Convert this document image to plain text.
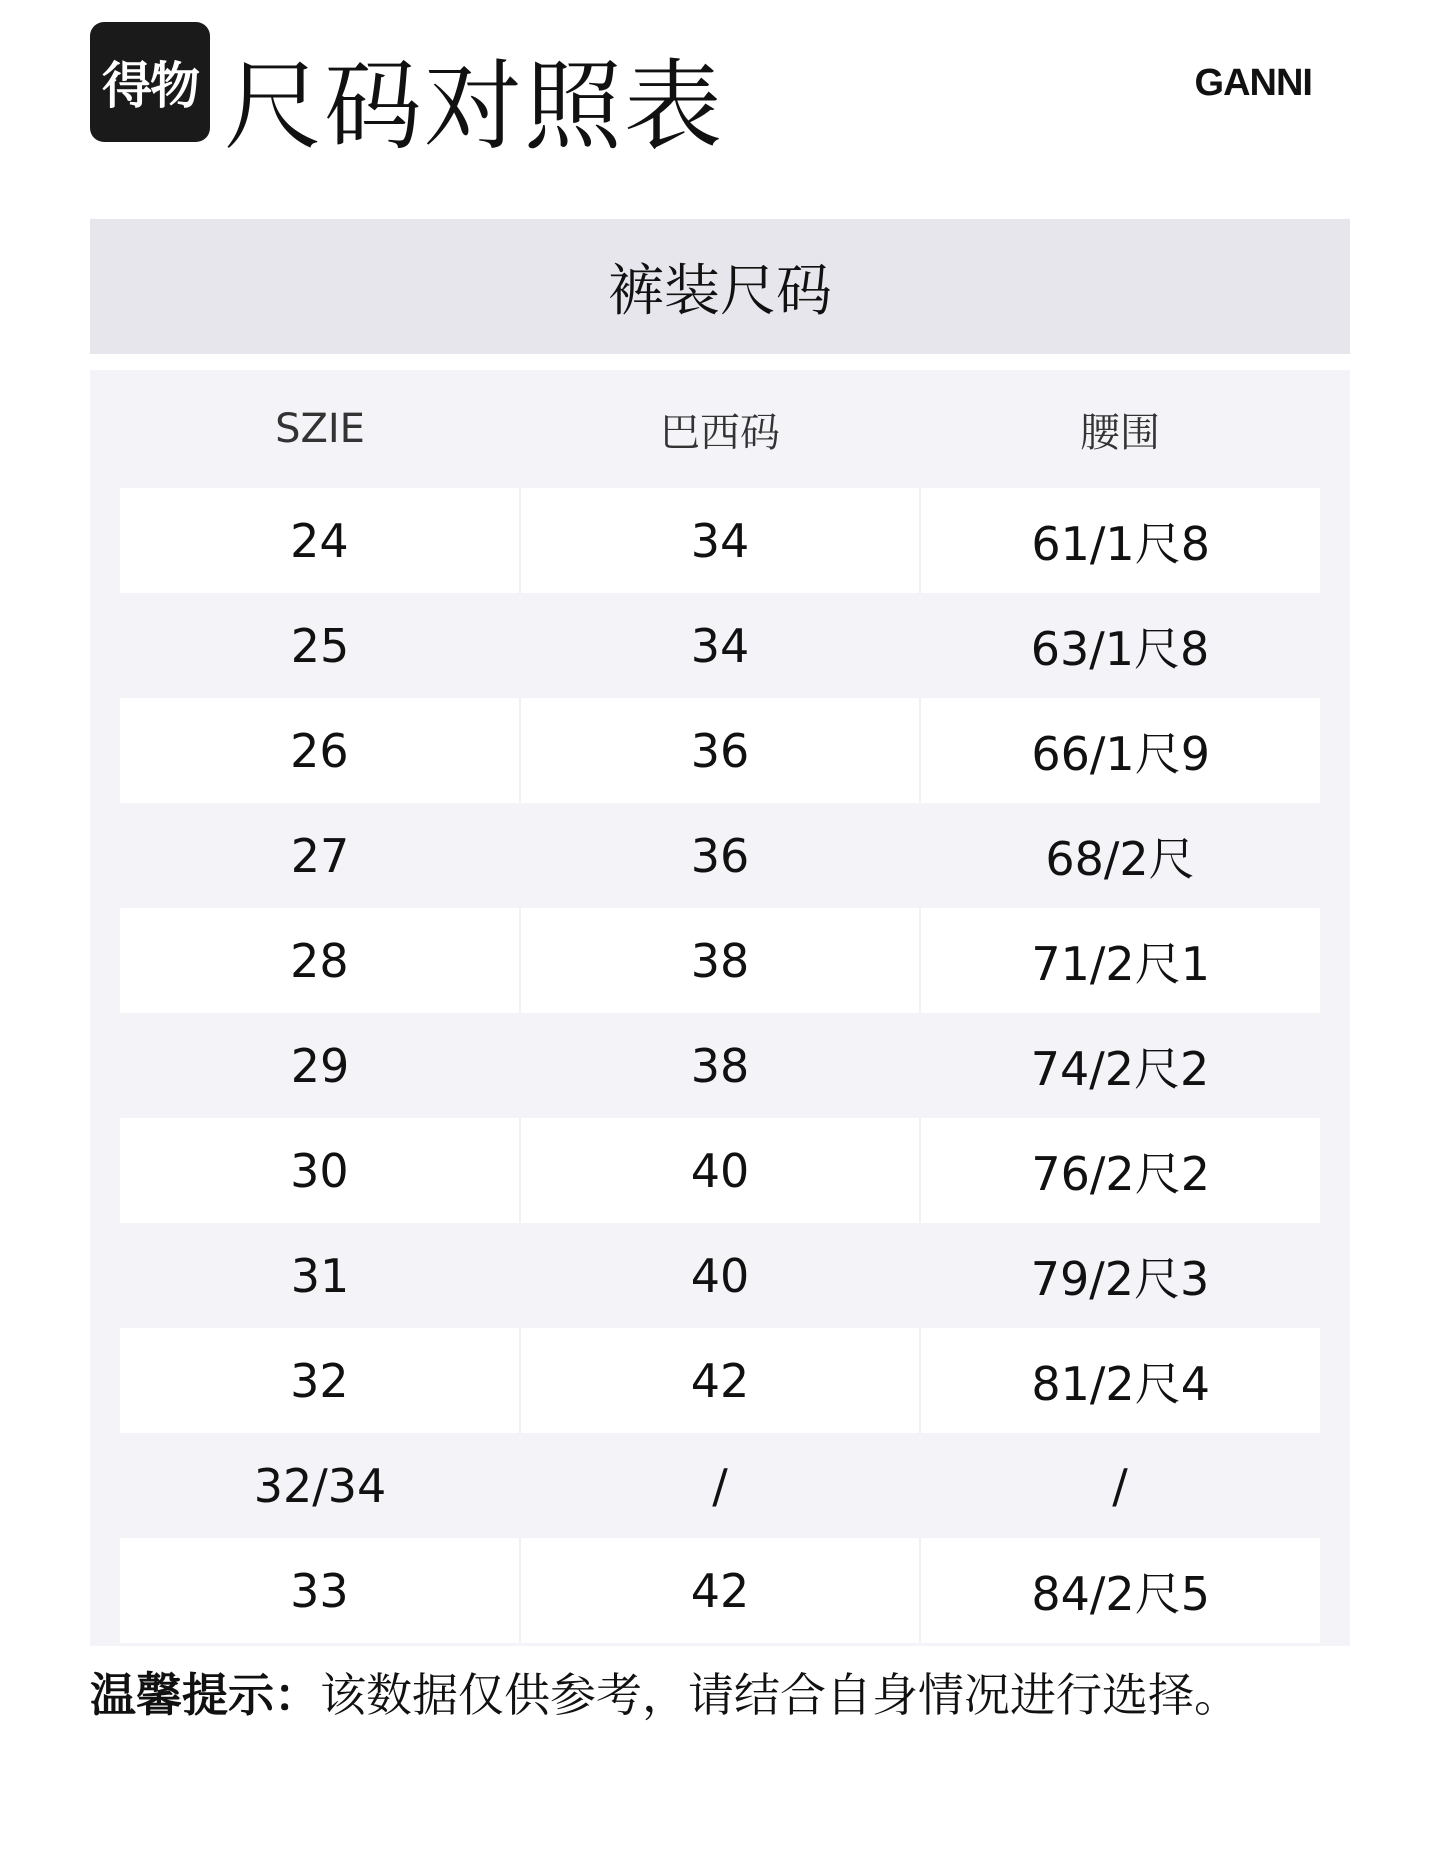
得物 尺码对照表	GANNI
裤装尺码
SZIE	巴西码	腰围
24	34	61/1尺8
25	34	63/1尺8
26	36	66/1尺9
27	36	68/2尺
28	38	71/2尺1
29	38	74/2尺2
30	40	76/2尺2
31	40	79/2尺3
32	42	81/2尺4
32/34	/	/
33	42	84/2尺5
温馨提示：该数据仅供参考，请结合自身情况进行选择。
